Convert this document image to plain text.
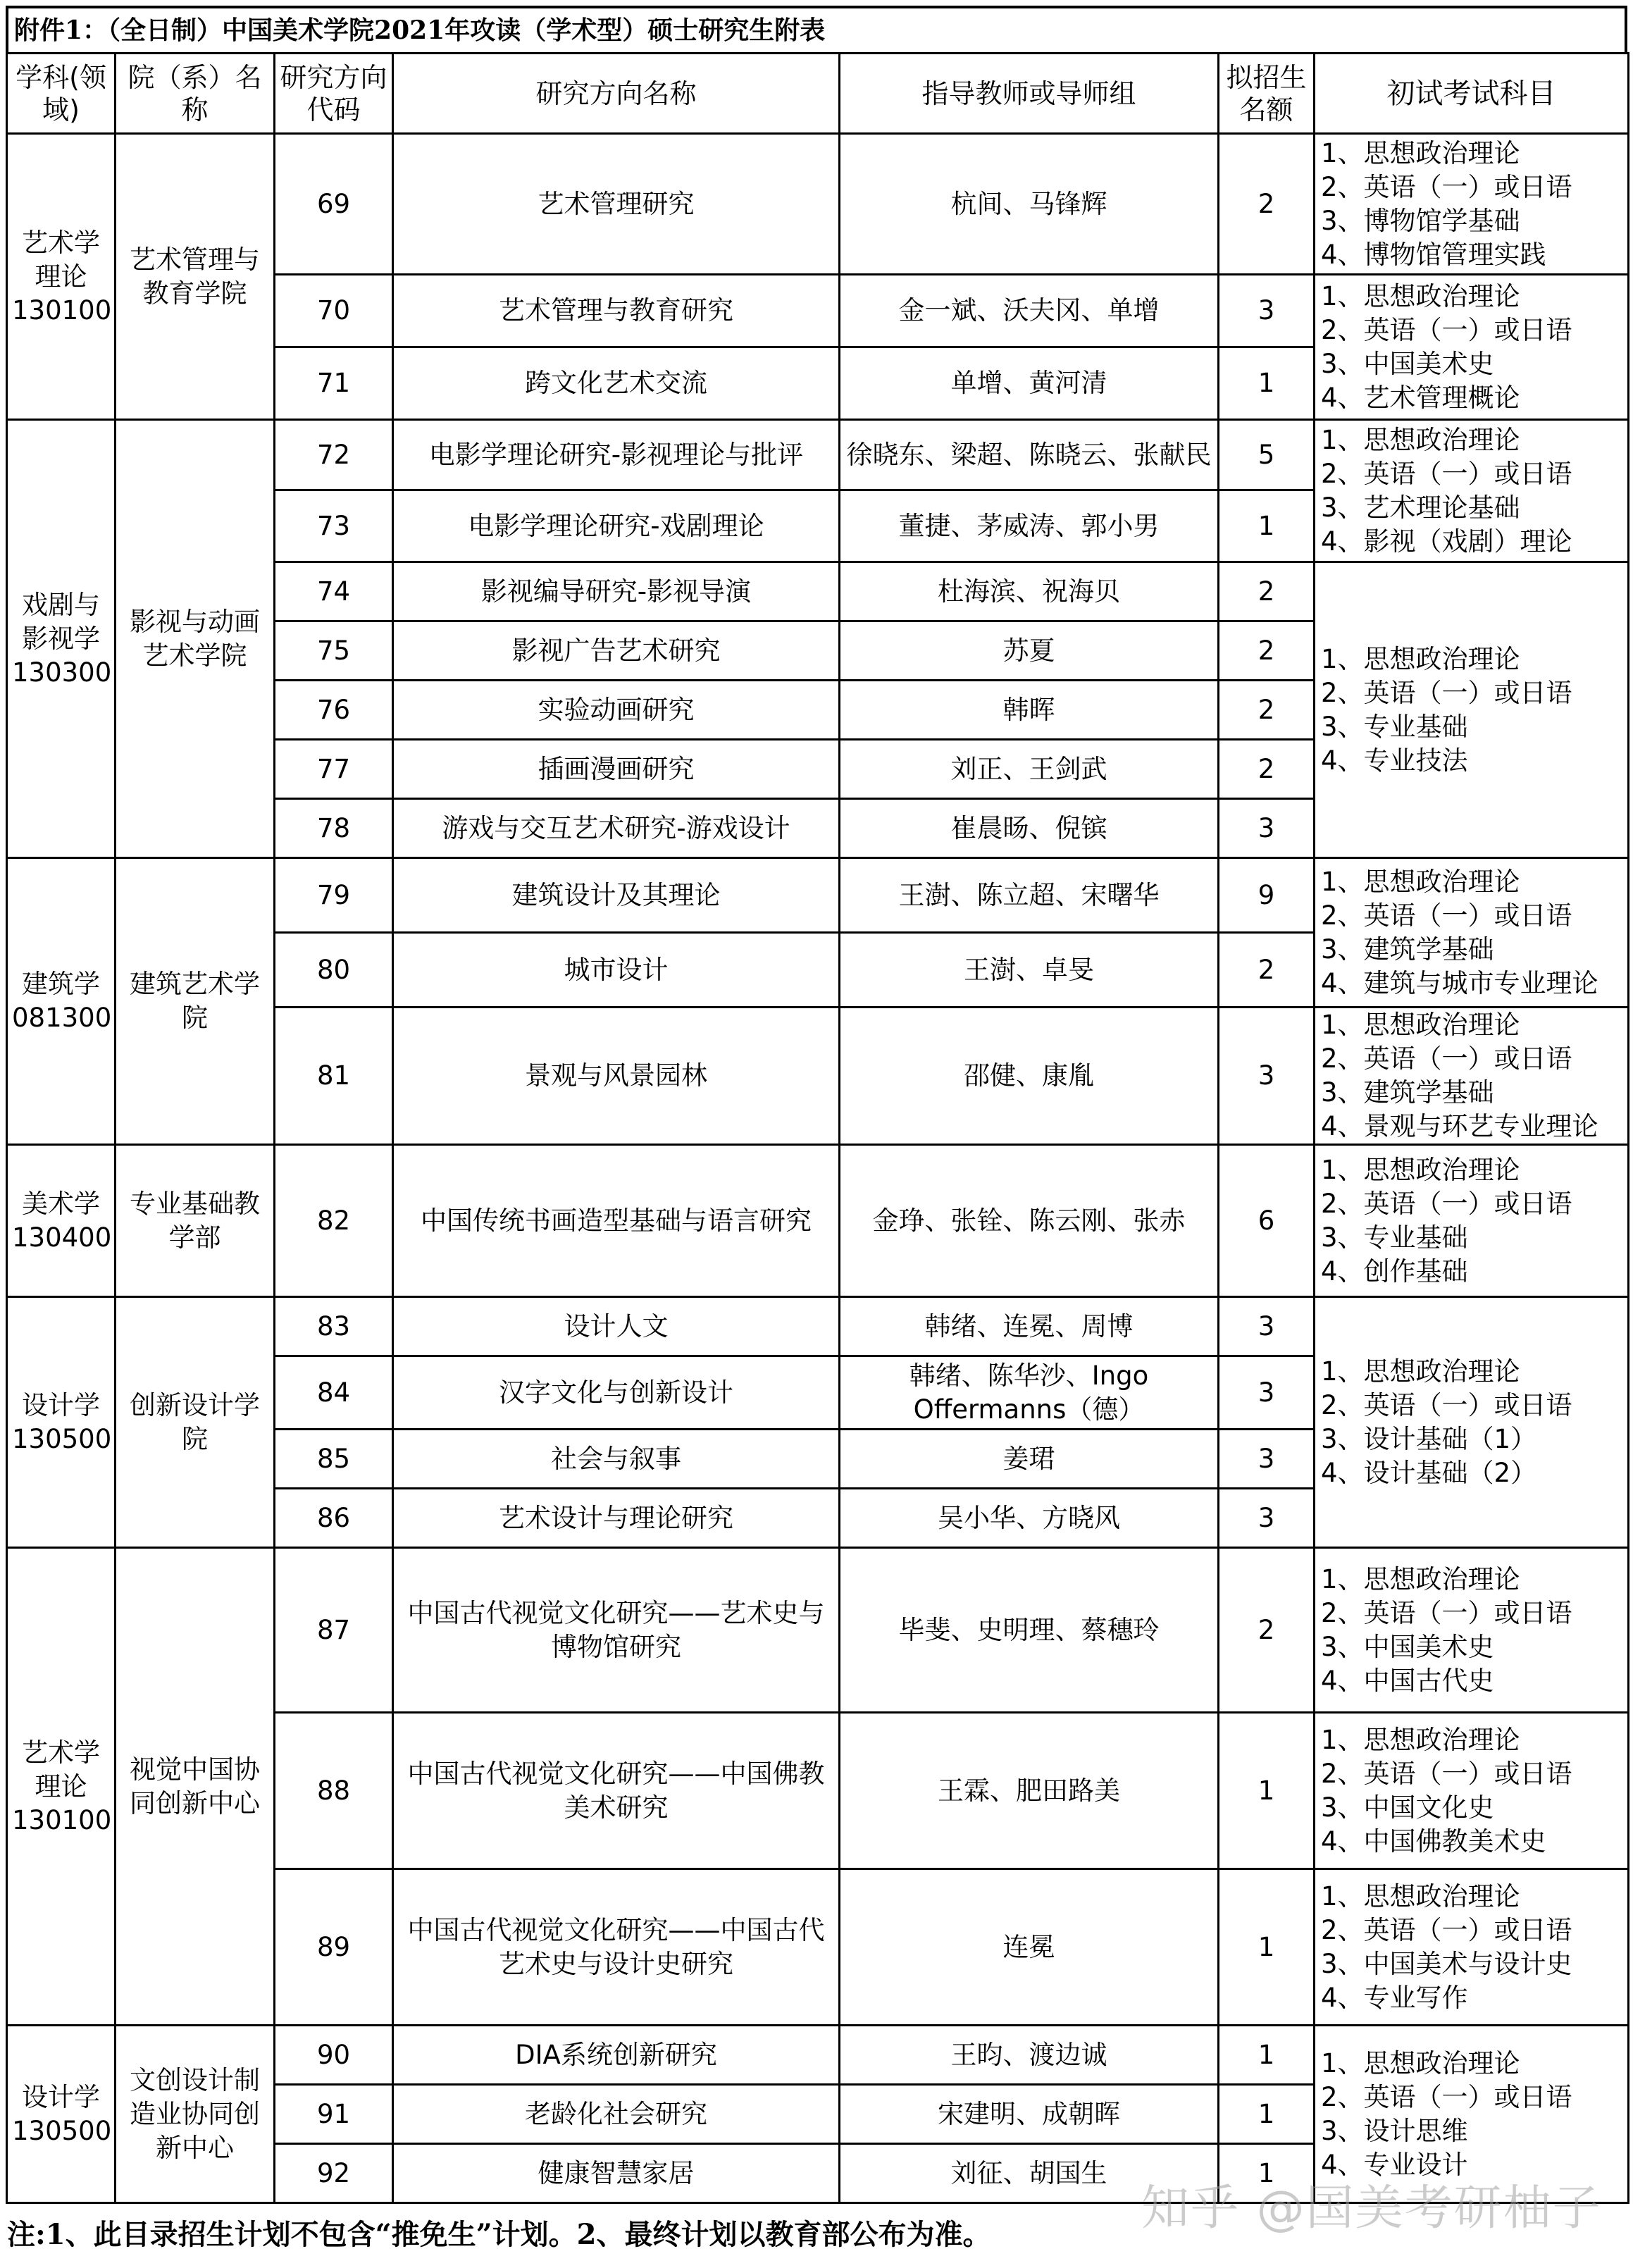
附件1：（全日制）中国美术学院2021年攻读（学术型）硕士研究生附表
学科(领域)	院（系）名称	研究方向代码	研究方向名称	指导教师或导师组	拟招生名额	初试考试科目
艺术学理论130100	艺术管理与教育学院	69	艺术管理研究	杭间、马锋辉	2	1、思想政治理论
2、英语（一）或日语
3、博物馆学基础
4、博物馆管理实践

		70	艺术管理与教育研究	金一斌、沃夫冈、单增	3	1、思想政治理论
2、英语（一）或日语
3、中国美术史
4、艺术管理概论

		71	跨文化艺术交流	单增、黄河清	1	
戏剧与影视学130300	影视与动画艺术学院	72	电影学理论研究-影视理论与批评	徐晓东、梁超、陈晓云、张献民	5	1、思想政治理论
2、英语（一）或日语
3、艺术理论基础
4、影视（戏剧）理论

		73	电影学理论研究-戏剧理论	董捷、茅威涛、郭小男	1	
		74	影视编导研究-影视导演	杜海滨、祝海贝	2	1、思想政治理论
2、英语（一）或日语
3、专业基础
4、专业技法

		75	影视广告艺术研究	苏夏	2	
		76	实验动画研究	韩晖	2	
		77	插画漫画研究	刘正、王剑武	2	
		78	游戏与交互艺术研究-游戏设计	崔晨旸、倪镔	3	
建筑学081300	建筑艺术学院	79	建筑设计及其理论	王澍、陈立超、宋曙华	9	1、思想政治理论
2、英语（一）或日语
3、建筑学基础
4、建筑与城市专业理论

		80	城市设计	王澍、卓旻	2	
		81	景观与风景园林	邵健、康胤	3	1、思想政治理论
2、英语（一）或日语
3、建筑学基础
4、景观与环艺专业理论

美术学130400	专业基础教学部	82	中国传统书画造型基础与语言研究	金琤、张铨、陈云刚、张赤	6	1、思想政治理论
2、英语（一）或日语
3、专业基础
4、创作基础

设计学130500	创新设计学院	83	设计人文	韩绪、连冕、周博	3	1、思想政治理论
2、英语（一）或日语
3、设计基础（1）
4、设计基础（2）

		84	汉字文化与创新设计	韩绪、陈华沙、Ingo Offermanns（德）	3	
		85	社会与叙事	姜珺	3	
		86	艺术设计与理论研究	吴小华、方晓风	3	
艺术学理论130100	视觉中国协同创新中心	87	中国古代视觉文化研究——艺术史与博物馆研究	毕斐、史明理、蔡穗玲	2	1、思想政治理论
2、英语（一）或日语
3、中国美术史
4、中国古代史

		88	中国古代视觉文化研究——中国佛教美术研究	王霖、肥田路美	1	1、思想政治理论
2、英语（一）或日语
3、中国文化史
4、中国佛教美术史

		89	中国古代视觉文化研究——中国古代艺术史与设计史研究	连冕	1	1、思想政治理论
2、英语（一）或日语
3、中国美术与设计史
4、专业写作

设计学130500	文创设计制造业协同创新中心	90	DIA系统创新研究	王昀、渡边诚	1	1、思想政治理论
2、英语（一）或日语
3、设计思维
4、专业设计

		91	老龄化社会研究	宋建明、成朝晖	1	
		92	健康智慧家居	刘征、胡国生	1	
知乎 @国美考研柚子
注:1、此目录招生计划不包含“推免生”计划。2、最终计划以教育部公布为准。
